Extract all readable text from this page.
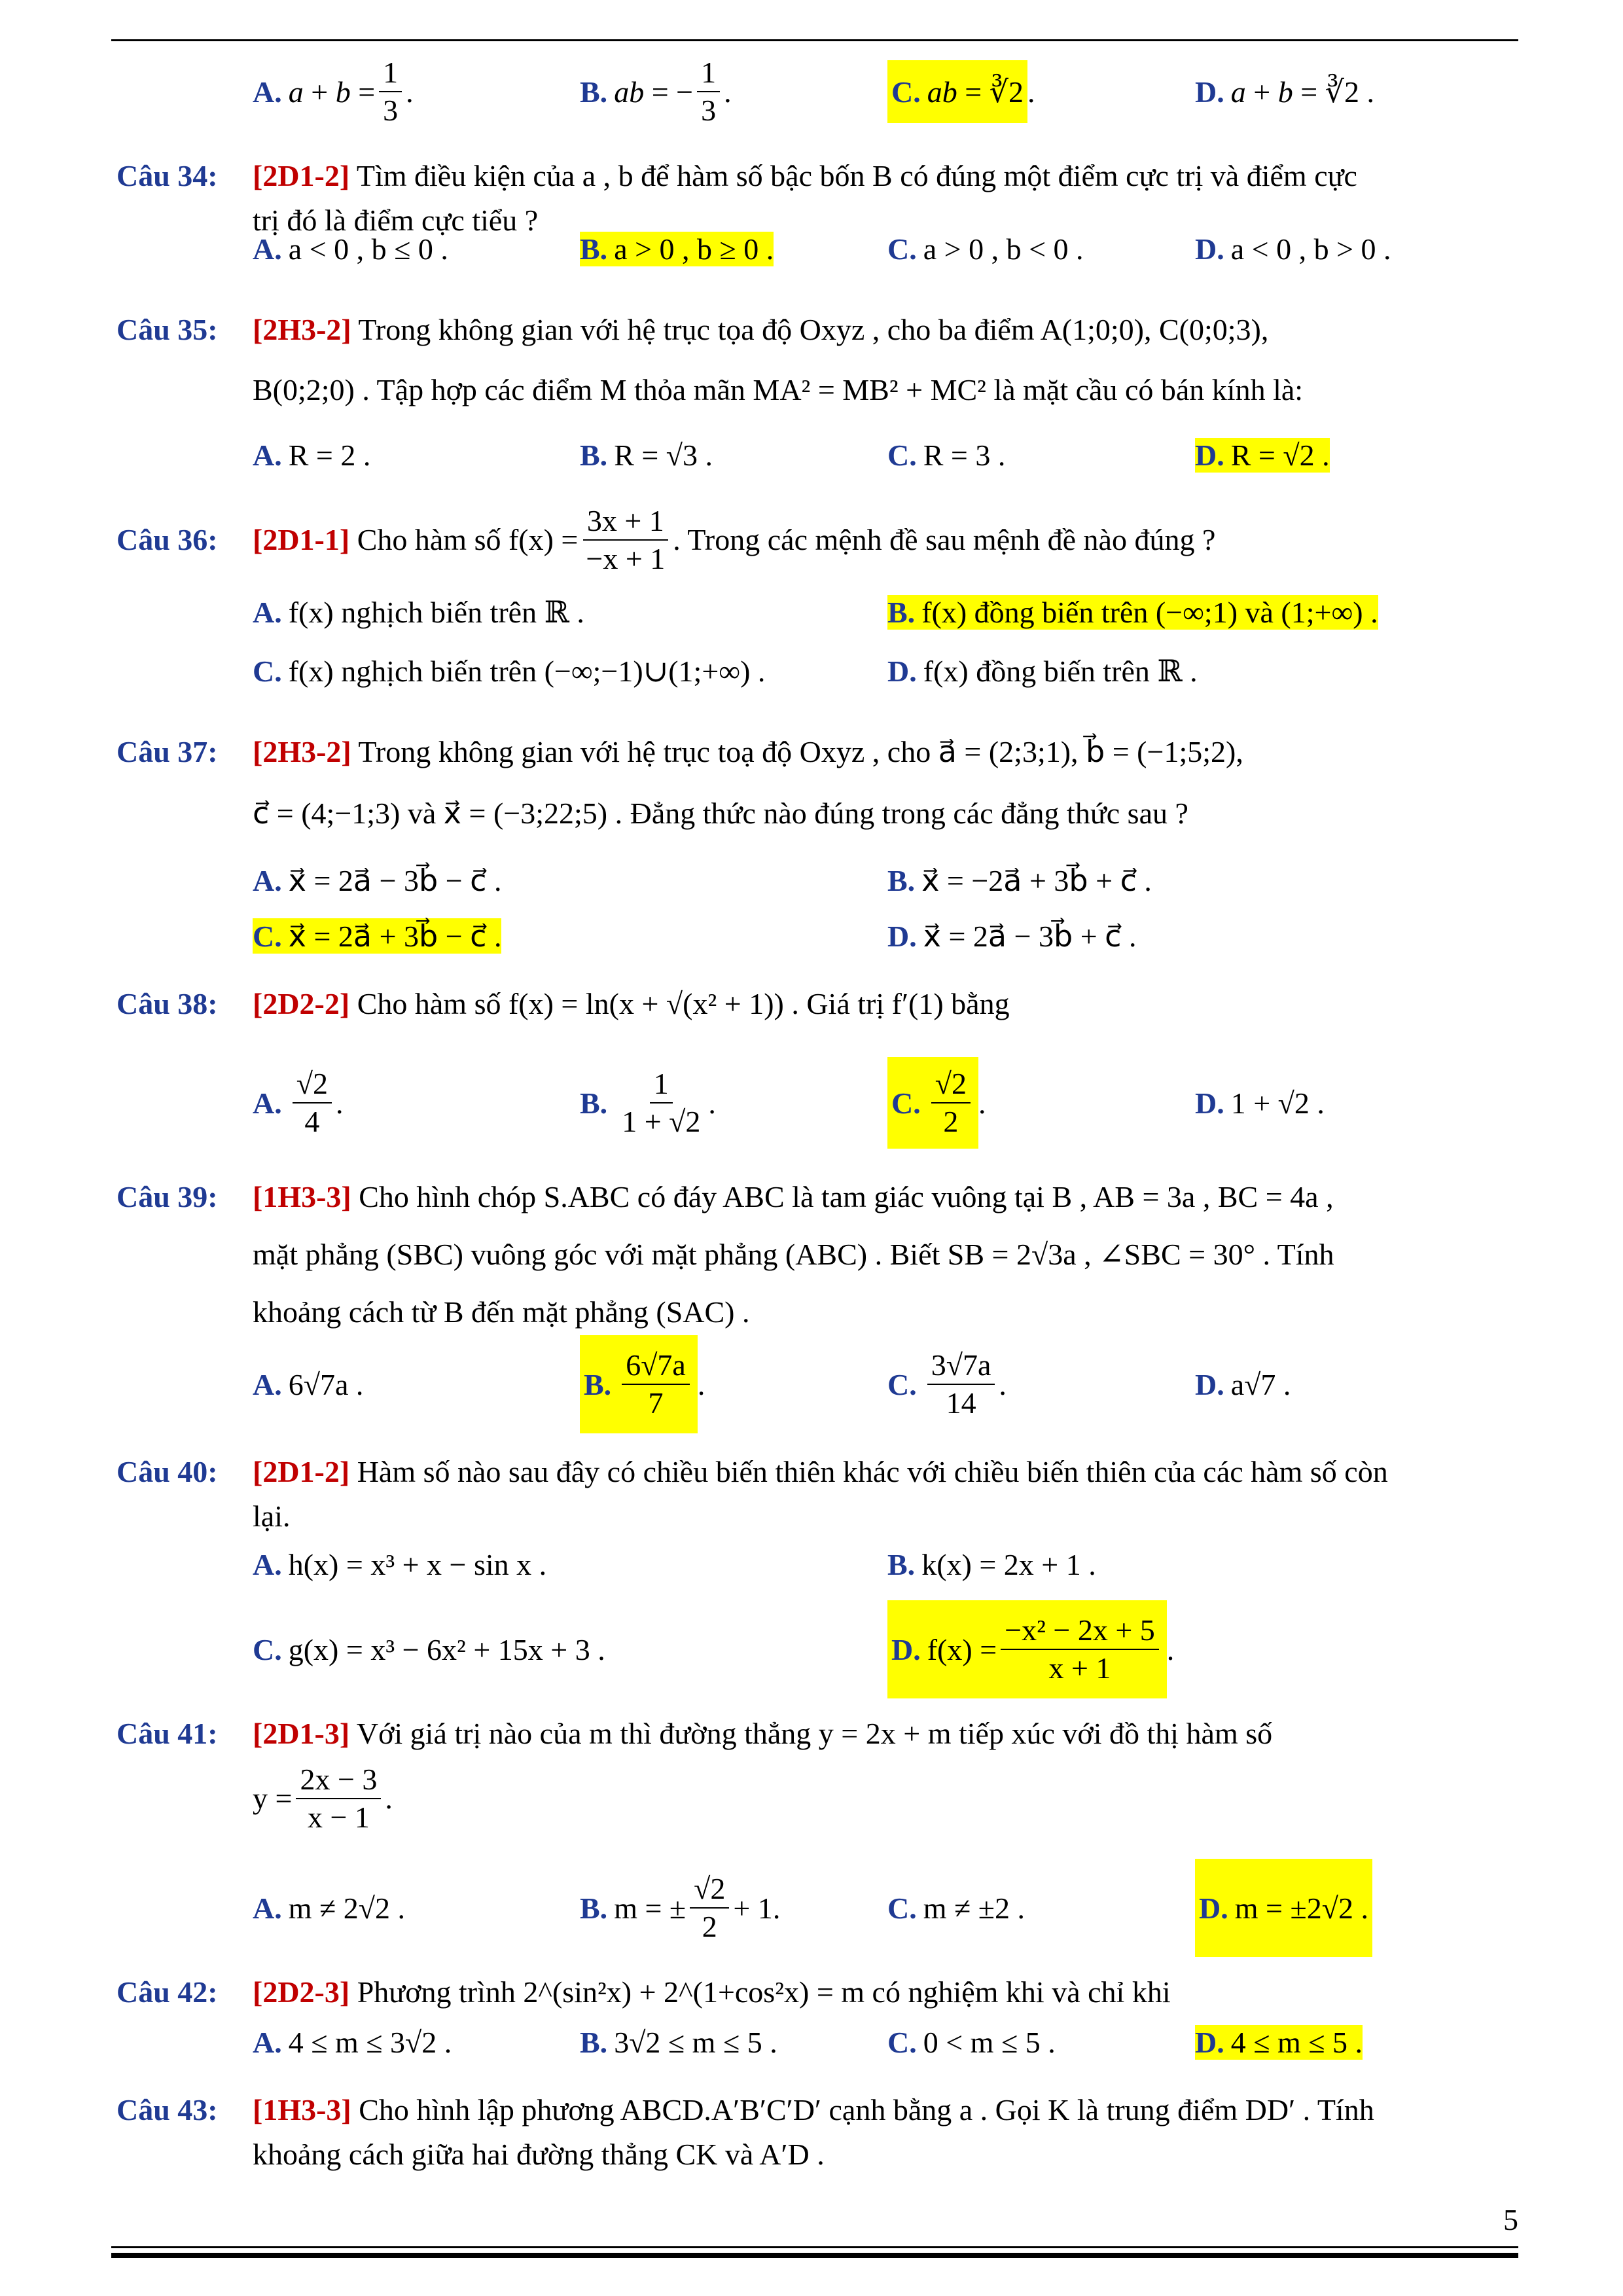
A. $a + b = \frac{1}{3}$ .	B. ab = − $\frac{1}{3}$ .	C. ab = ∛2 .	D. a + b = ∛2 .

Câu 34: [2D1-2] Tìm điều kiện của a , b để hàm số bậc bốn B có đúng một điểm cực trị và điểm cực

trị đó là điểm cực tiểu ?

A. a < 0 , b ≤ 0 .	B. a > 0 , b ≥ 0 .	C. a > 0 , b < 0 .	D. a < 0 , b > 0 .

Câu 35: [2H3-2] Trong không gian với hệ trục tọa độ Oxyz , cho ba điểm A(1;0;0), C(0;0;3),

B(0;2;0) . Tập hợp các điểm M thỏa mãn MA² = MB² + MC² là mặt cầu có bán kính là:

A. R = 2 .	B. R = √3 .	C. R = 3 .	D. R = √2 .
Câu 36:	[2D1-1]
Cho hàm số $f(x) = \frac{3x + 1}{-x + 1}$ . Trong các mệnh đề sau mệnh đề nào đúng ?
A. f(x) nghịch biến trên ℝ .	B. f(x) đồng biến trên (−∞;1) và (1;+∞) .
C. f(x) nghịch biến trên (−∞;−1)∪(1;+∞) .	D. f(x) đồng biến trên ℝ .

Câu 37: [2H3-2] Trong không gian với hệ trục toạ độ Oxyz , cho a⃗ = (2;3;1), b⃗ = (−1;5;2),

c⃗ = (4;−1;3) và x⃗ = (−3;22;5) . Đẳng thức nào đúng trong các đẳng thức sau ?

A. x⃗ = 2a⃗ − 3b⃗ − c⃗ .	B. x⃗ = −2a⃗ + 3b⃗ + c⃗ .
C. x⃗ = 2a⃗ + 3b⃗ − c⃗ .	D. x⃗ = 2a⃗ − 3b⃗ + c⃗ .

Câu 38: [2D2-2] Cho hàm số f(x) = ln(x + √(x² + 1)) . Giá trị f′(1) bằng

A. $\frac{√2}{4}$ .	B. $\frac{1}{1 + √2}$ .	C. $\frac{√2}{2}$ .	D. 1 + √2 .

Câu 39: [1H3-3] Cho hình chóp S.ABC có đáy ABC là tam giác vuông tại B , AB = 3a , BC = 4a ,

mặt phẳng (SBC) vuông góc với mặt phẳng (ABC) . Biết SB = 2√3a , ∠SBC = 30° . Tính

khoảng cách từ B đến mặt phẳng (SAC) .

A. 6√7a .	B. $\frac{6√7a}{7}$ .	C. $\frac{3√7a}{14}$ .	D. a√7 .

Câu 40: [2D1-2] Hàm số nào sau đây có chiều biến thiên khác với chiều biến thiên của các hàm số còn

lại.

A. h(x) = x³ + x − sin x .	B. k(x) = 2x + 1 .
C. g(x) = x³ − 6x² + 15x + 3 .	D. $f(x) = \frac{\text{−x² − 2x + 5}}{x + 1}$ .

Câu 41: [2D1-3] Với giá trị nào của m thì đường thẳng y = 2x + m tiếp xúc với đồ thị hàm số

$y = \frac{2x - 3}{x - 1}$ .

A. m ≠ 2√2 .	B. m = ± $\frac{√2}{2} + 1$.	C. m ≠ ±2 .	D. m = ±2√2 .

Câu 42: [2D2-3] Phương trình 2^(sin²x) + 2^(1+cos²x) = m có nghiệm khi và chỉ khi

A. 4 ≤ m ≤ 3√2 .	B. 3√2 ≤ m ≤ 5 .	C. 0 < m ≤ 5 .	D. 4 ≤ m ≤ 5 .

Câu 43: [1H3-3] Cho hình lập phương ABCD.A′B′C′D′ cạnh bằng a . Gọi K là trung điểm DD′ . Tính

khoảng cách giữa hai đường thẳng CK và A′D .

5
